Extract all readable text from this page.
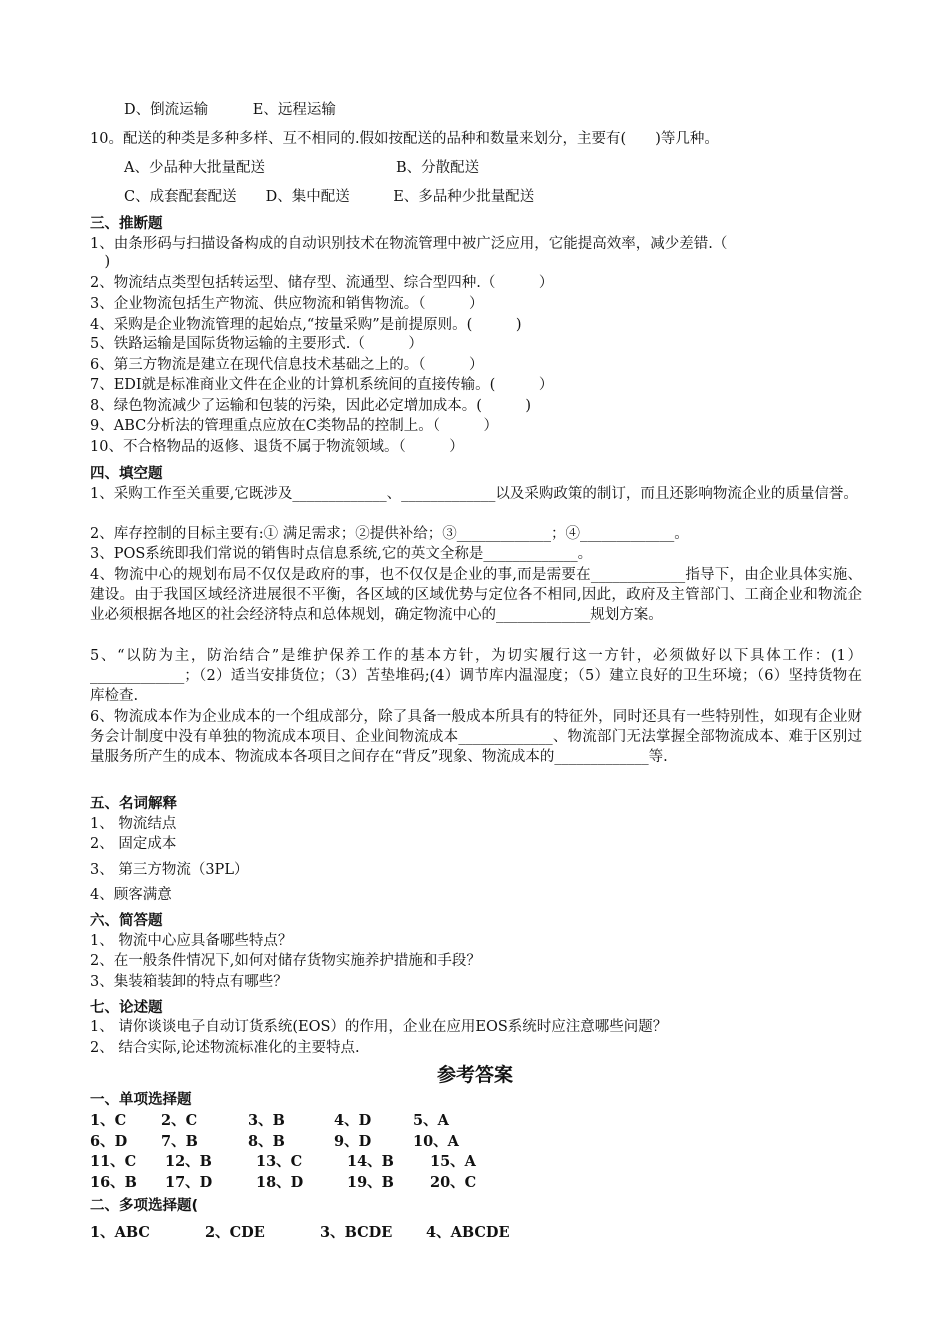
D、倒流运输	E、远程运输
10。配送的种类是多种多样、互不相同的.假如按配送的品种和数量来划分，主要有(　　)等几种。
A、少品种大批量配送	B、分散配送
C、成套配套配送　　D、集中配送　　　E、多品种少批量配送
三、推断题
1、由条形码与扫描设备构成的自动识别技术在物流管理中被广泛应用，它能提高效率，减少差错.（
　)
2、物流结点类型包括转运型、储存型、流通型、综合型四种.（　　　）
3、企业物流包括生产物流、供应物流和销售物流。（　　　）
4、采购是企业物流管理的起始点,“按量采购”是前提原则。(　　　)
5、铁路运输是国际货物运输的主要形式.（　　　）
6、第三方物流是建立在现代信息技术基础之上的。（　　　）
7、EDI就是标准商业文件在企业的计算机系统间的直接传输。(　　　）
8、绿色物流减少了运输和包装的污染，因此必定增加成本。(　　　)
9、ABC分析法的管理重点应放在C类物品的控制上。（　　　）
10、不合格物品的返修、退货不属于物流领域。（　　　）
四、填空题
1、采购工作至关重要,它既涉及_____________、_____________以及采购政策的制订，而且还影响物流企业的质量信誉。
2、库存控制的目标主要有:① 满足需求；②提供补给；③_____________；④_____________。
3、POS系统即我们常说的销售时点信息系统,它的英文全称是_____________。
4、物流中心的规划布局不仅仅是政府的事，也不仅仅是企业的事,而是需要在_____________指导下，由企业具体实施、建设。由于我国区域经济进展很不平衡，各区域的区域优势与定位各不相同,因此，政府及主管部门、工商企业和物流企业必须根据各地区的社会经济特点和总体规划，确定物流中心的_____________规划方案。
5、“以防为主，防治结合”是维护保养工作的基本方针，为切实履行这一方针，必须做好以下具体工作：(1）_____________；（2）适当安排货位；（3）苫垫堆码;(4）调节库内温湿度；（5）建立良好的卫生环境；（6）坚持货物在库检查.
6、物流成本作为企业成本的一个组成部分，除了具备一般成本所具有的特征外，同时还具有一些特别性，如现有企业财务会计制度中没有单独的物流成本项目、企业间物流成本_____________、物流部门无法掌握全部物流成本、难于区别过量服务所产生的成本、物流成本各项目之间存在“背反”现象、物流成本的_____________等.
五、名词解释
1、 物流结点
2、 固定成本
3、 第三方物流（3PL）
4、顾客满意
六、简答题
1、 物流中心应具备哪些特点？
2、在一般条件情况下,如何对储存货物实施养护措施和手段？
3、集装箱装卸的特点有哪些？
七、论述题
1、 请你谈谈电子自动订货系统(EOS）的作用，企业在应用EOS系统时应注意哪些问题？
2、 结合实际,论述物流标准化的主要特点.
参考答案
一、单项选择题
1、C 2、C	3、B	4、D	5、A
6、D 7、B	8、B	9、D	10、A
11、C 12、B	13、C	14、B 15、A
16、B 17、D	18、D	19、B 20、C
二、多项选择题(
1、ABC	2、CDE	3、BCDE 4、ABCDE
